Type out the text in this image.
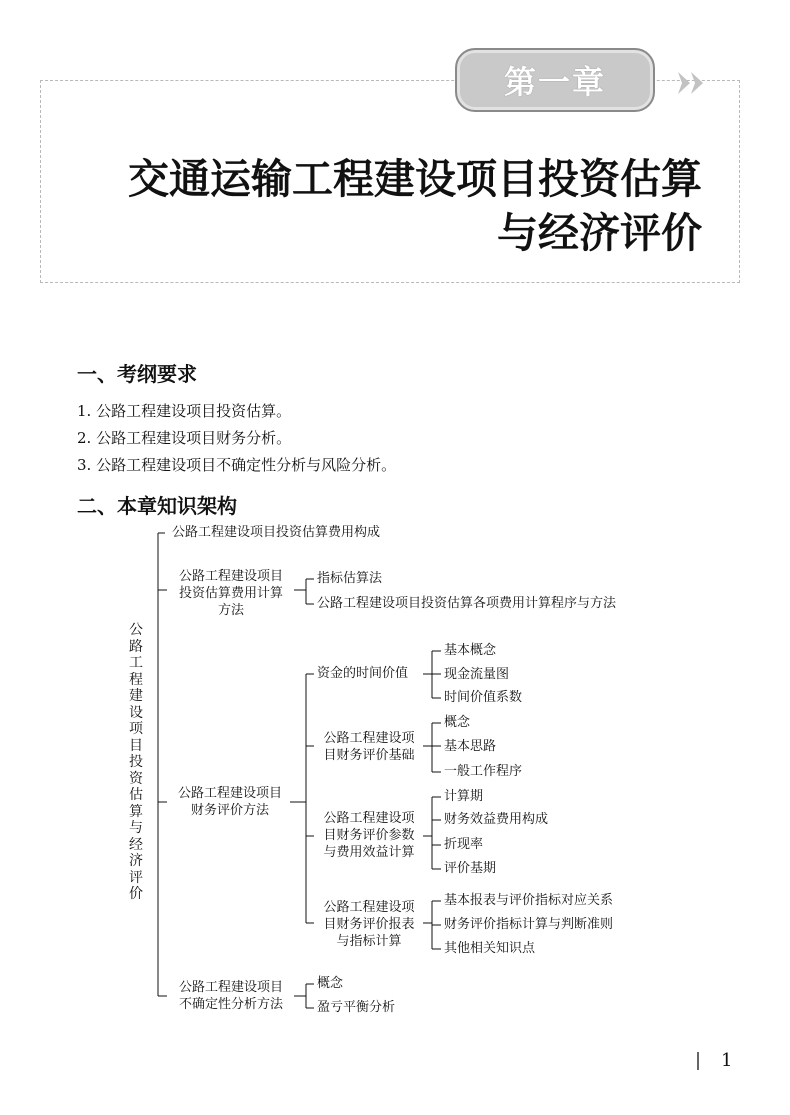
第一章
交通运输工程建设项目投资估算
与经济评价
一、考纲要求
1. 公路工程建设项目投资估算。
2. 公路工程建设项目财务分析。
3. 公路工程建设项目不确定性分析与风险分析。
二、本章知识架构
公路工程建设项目投资估算与经济评价
公路工程建设项目投资估算费用构成
公路工程建设项目
投资估算费用计算
方法
指标估算法
公路工程建设项目投资估算各项费用计算程序与方法
公路工程建设项目
财务评价方法
资金的时间价值
基本概念
现金流量图
时间价值系数
公路工程建设项
目财务评价基础
概念
基本思路
一般工作程序
公路工程建设项
目财务评价参数
与费用效益计算
计算期
财务效益费用构成
折现率
评价基期
公路工程建设项
目财务评价报表
与指标计算
基本报表与评价指标对应关系
财务评价指标计算与判断准则
其他相关知识点
公路工程建设项目
不确定性分析方法
概念
盈亏平衡分析
1
